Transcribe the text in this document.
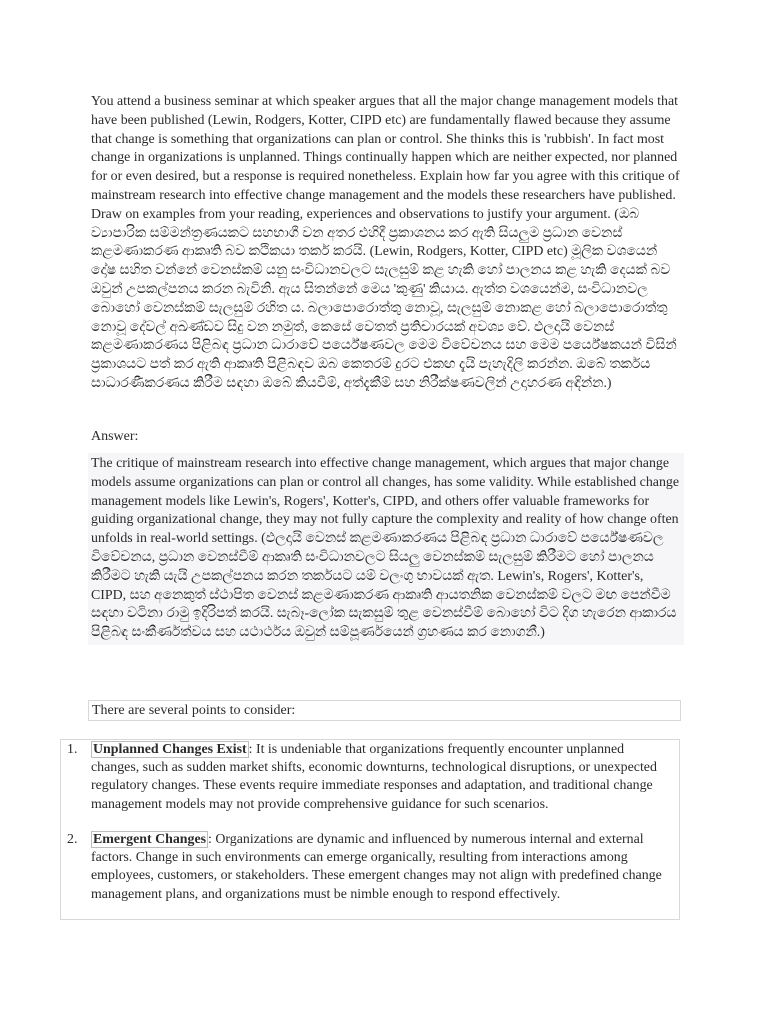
You attend a business seminar at which speaker argues that all the major change management models that have been published (Lewin, Rodgers, Kotter, CIPD etc) are fundamentally flawed because they assume that change is something that organizations can plan or control. She thinks this is 'rubbish'. In fact most change in organizations is unplanned. Things continually happen which are neither expected, nor planned for or even desired, but a response is required nonetheless. Explain how far you agree with this critique of mainstream research into effective change management and the models these researchers have published. Draw on examples from your reading, experiences and observations to justify your argument. (ඔබ ව්‍යාපාරික සම්මන්ත්‍රණයකට සහභාගී වන අතර එහිදී ප්‍රකාශනය කර ඇති සියලුම ප්‍රධාන වෙනස් කළමණාකරණ ආකෘති බව කථිකයා තර්ක කරයි. (Lewin, Rodgers, Kotter, CIPD etc) මූලික වශයෙන් දෝෂ සහිත වන්නේ වෙනස්කම් යනු සංවිධානවලට සැලසුම් කළ හැකි හෝ පාලනය කළ හැකි දෙයක් බව ඔවුන් උපකල්පනය කරන බැවිනි. ඇය සිතන්නේ මෙය 'කුණු' කියාය. ඇත්ත වශයෙන්ම, සංවිධානවල බොහෝ වෙනස්කම් සැලසුම් රහිත ය. බලාපොරොත්තු නොවූ, සැලසුම් නොකළ හෝ බලාපොරොත්තු නොවූ දේවල් අඛණ්ඩව සිදු වන නමුත්, කෙසේ වෙතත් ප්‍රතිචාරයක් අවශ්‍ය වේ. ඵලදායි වෙනස් කළමණාකරණය පිළිබඳ ප්‍රධාන ධාරාවේ පර්යේෂණවල මෙම විවේචනය සහ මෙම පර්යේෂකයන් විසින් ප්‍රකාශයට පත් කර ඇති ආකෘති පිළිබඳව ඔබ කෙතරම් දුරට එකඟ දැයි පැහැදිලි කරන්න. ඔබේ තර්කය සාධාරණීකරණය කිරීම සඳහා ඔබේ කියවීම්, අත්දැකීම් සහ නිරීක්ෂණවලින් උදාහරණ අඳින්න.)

Answer:

The critique of mainstream research into effective change management, which argues that major change models assume organizations can plan or control all changes, has some validity. While established change management models like Lewin's, Rogers', Kotter's, CIPD, and others offer valuable frameworks for guiding organizational change, they may not fully capture the complexity and reality of how change often unfolds in real-world settings. (ඵලදායි වෙනස් කළමණාකරණය පිළිබඳ ප්‍රධාන ධාරාවේ පර්යේෂණවල විවේචනය, ප්‍රධාන වෙනස්වීම් ආකෘති සංවිධානවලට සියලු වෙනස්කම් සැලසුම් කිරීමට හෝ පාලනය කිරීමට හැකි යැයි උපකල්පනය කරන තර්කයට යම් වලංගු භාවයක් ඇත. Lewin's, Rogers', Kotter's, CIPD, සහ අනෙකුත් ස්ථාපිත වෙනස් කළමණාකරණ ආකෘති ආයතනික වෙනස්කම් වලට මඟ පෙන්වීම සඳහා වටිනා රාමු ඉදිරිපත් කරයි. සැබෑ-ලෝක සැකසුම් තුළ වෙනස්වීම් බොහෝ විට දිග හැරෙන ආකාරය පිළිබඳ සංකීර්ණත්වය සහ යථාර්ථය ඔවුන් සම්පූර්ණයෙන් ග්‍රහණය කර නොගනී.)

There are several points to consider:
1. Unplanned Changes Exist : It is undeniable that organizations frequently encounter unplanned changes, such as sudden market shifts, economic downturns, technological disruptions, or unexpected regulatory changes. These events require immediate responses and adaptation, and traditional change management models may not provide comprehensive guidance for such scenarios.
2. Emergent Changes : Organizations are dynamic and influenced by numerous internal and external factors. Change in such environments can emerge organically, resulting from interactions among employees, customers, or stakeholders. These emergent changes may not align with predefined change management plans, and organizations must be nimble enough to respond effectively.
